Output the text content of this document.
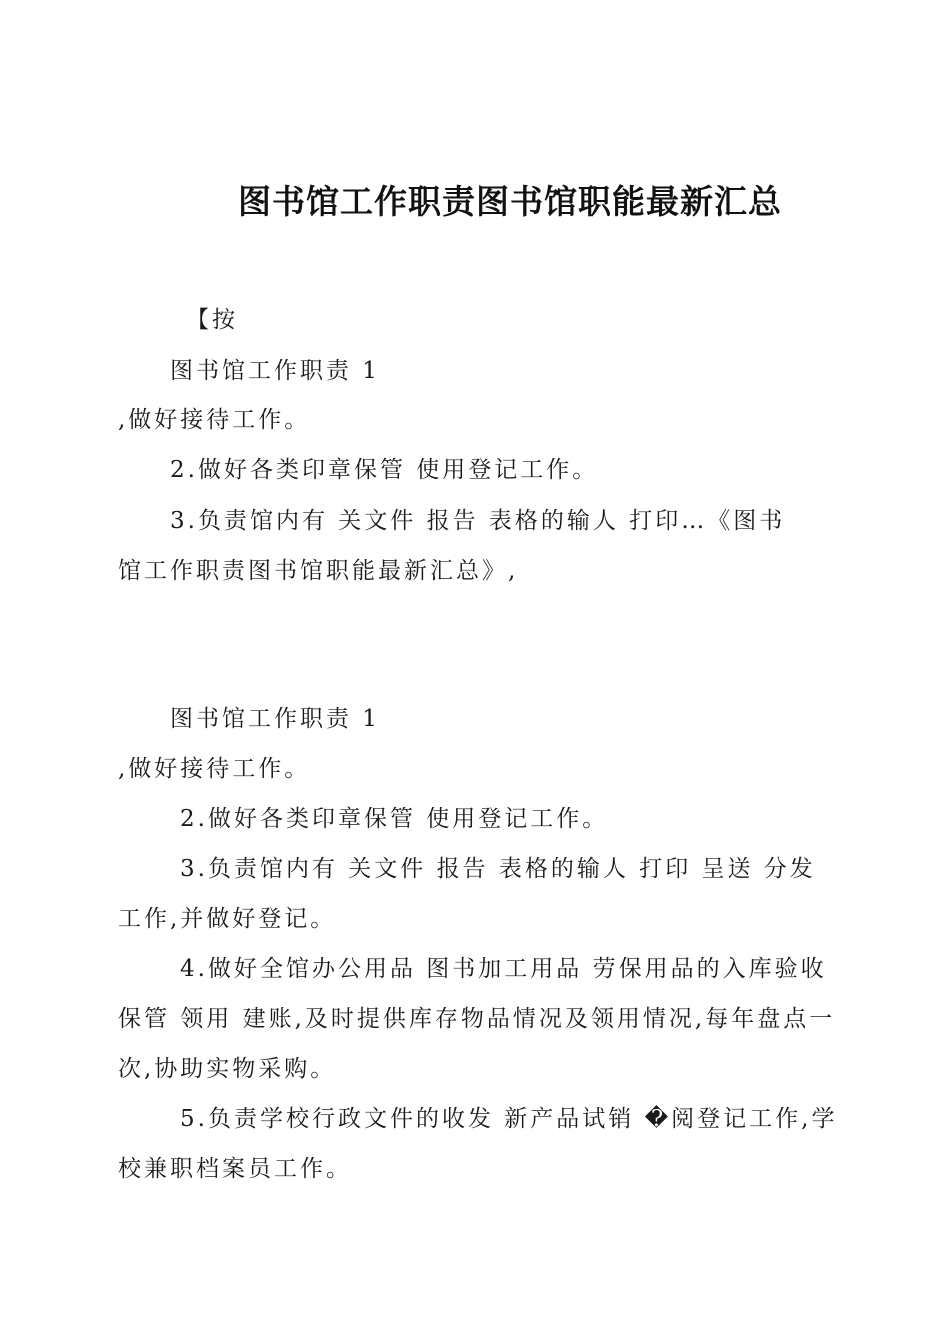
图书馆工作职责图书馆职能最新汇总
【按
图书馆工作职责 1
,做好接待工作。
2.做好各类印章保管 使用登记工作。
3.负责馆内有 关文件 报告 表格的输人 打印…《图书
馆工作职责图书馆职能最新汇总》,
图书馆工作职责 1
,做好接待工作。
2.做好各类印章保管 使用登记工作。
3.负责馆内有 关文件 报告 表格的输人 打印 呈送 分发
工作,并做好登记。
4.做好全馆办公用品 图书加工用品 劳保用品的入库验收
保管 领用 建账,及时提供库存物品情况及领用情况,每年盘点一
次,协助实物采购。
5.负责学校行政文件的收发 新产品试销 �阅登记工作,学
校兼职档案员工作。
